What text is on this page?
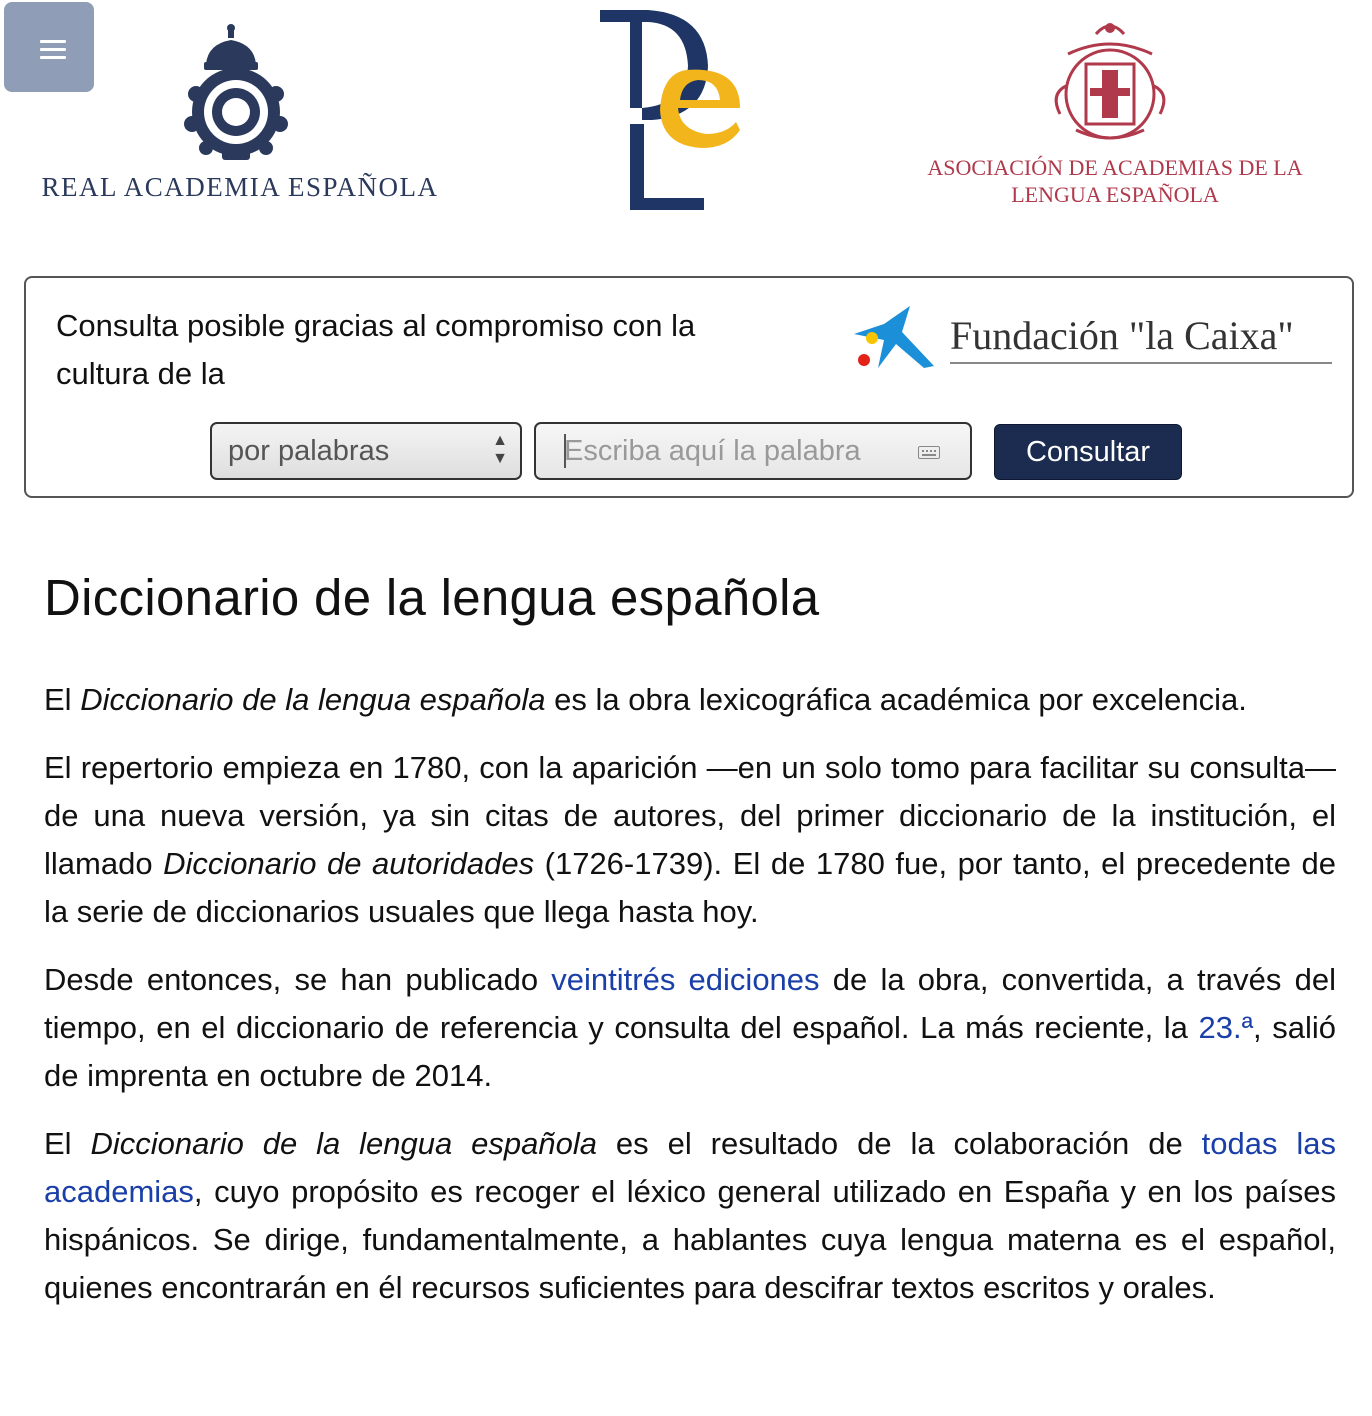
REAL ACADEMIA ESPAÑOLA
ASOCIACIÓN DE ACADEMIAS DE LA
LENGUA ESPAÑOLA
Consulta posible gracias al compromiso con la cultura de la
Fundación "la Caixa"
por palabras	▲
▼
Escriba aquí la palabra	Consultar
Diccionario de la lengua española

El Diccionario de la lengua española es la obra lexicográfica académica por excelencia.

El repertorio empieza en 1780, con la aparición —en un solo tomo para facilitar su consulta— de una nueva versión, ya sin citas de autores, del primer diccionario de la institución, el llamado Diccionario de autoridades (1726-1739). El de 1780 fue, por tanto, el precedente de la serie de diccionarios usuales que llega hasta hoy.

Desde entonces, se han publicado veintitrés ediciones de la obra, convertida, a través del tiempo, en el diccionario de referencia y consulta del español. La más reciente, la 23.ª, salió de imprenta en octubre de 2014.

El Diccionario de la lengua española es el resultado de la colaboración de todas las academias, cuyo propósito es recoger el léxico general utilizado en España y en los países hispánicos. Se dirige, fundamentalmente, a hablantes cuya lengua materna es el español, quienes encontrarán en él recursos suficientes para descifrar textos escritos y orales.
